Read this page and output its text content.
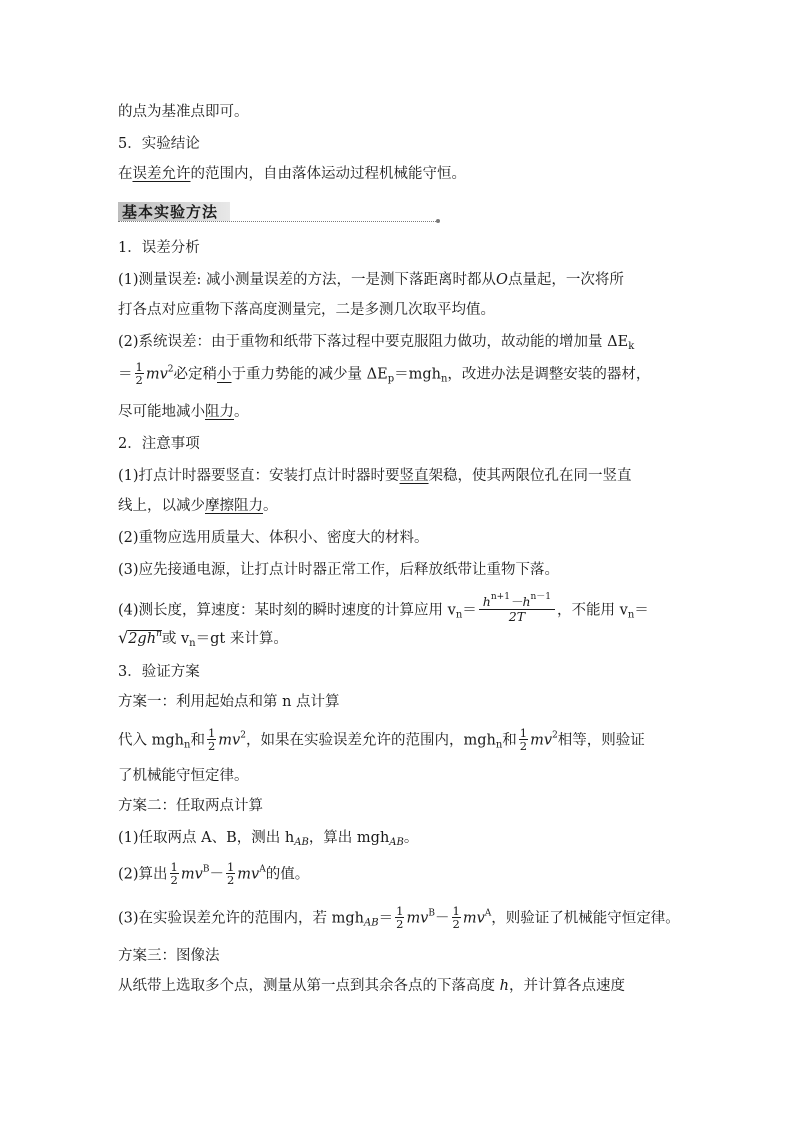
的点为基准点即可。
5．实验结论
在误差允许的范围内，自由落体运动过程机械能守恒。
基本实验方法
1．误差分析
(1)测量误差: 减小测量误差的方法，一是测下落距离时都从O点量起，一次将所
打各点对应重物下落高度测量完，二是多测几次取平均值。
(2)系统误差：由于重物和纸带下落过程中要克服阻力做功，故动能的增加量 $\Delta E_k$
＝ $\frac{1}{2} mv^2$必定稍小于重力势能的减少量 $\Delta E_p=mgh_n$，改进办法是调整安装的器材，
尽可能地减小阻力。
2．注意事项
(1)打点计时器要竖直：安装打点计时器时要竖直架稳，使其两限位孔在同一竖直
线上，以减少摩擦阻力。
(2)重物应选用质量大、体积小、密度大的材料。
(3)应先接通电源，让打点计时器正常工作，后释放纸带让重物下落。
(4)测长度，算速度：某时刻的瞬时速度的计算应用 $v_n= \frac{h^{n+1}-h^{n-1}}{2T}$ ，不能用 $v_n=$
$√2gh^n$或 $v_n=gt$ 来计算。
3．验证方案
方案一：利用起始点和第 n 点计算
代入 mgh$_n$和 $\frac{1}{2} mv^2$，如果在实验误差允许的范围内，mgh$_n$和 $\frac{1}{2} mv^2$相等，则验证
了机械能守恒定律。
方案二：任取两点计算
(1)任取两点 A、B，测出 $h_{AB}$，算出 mgh$_{AB}$。
(2)算出 $\frac{1}{2} mv^B- \frac{1}{2} mv^A$的值。
(3)在实验误差允许的范围内，若 $mgh_{AB}= \frac{1}{2} mv^B- \frac{1}{2} mv^A$，则验证了机械能守恒定律。
方案三：图像法
从纸带上选取多个点，测量从第一点到其余各点的下落高度 h，并计算各点速度
